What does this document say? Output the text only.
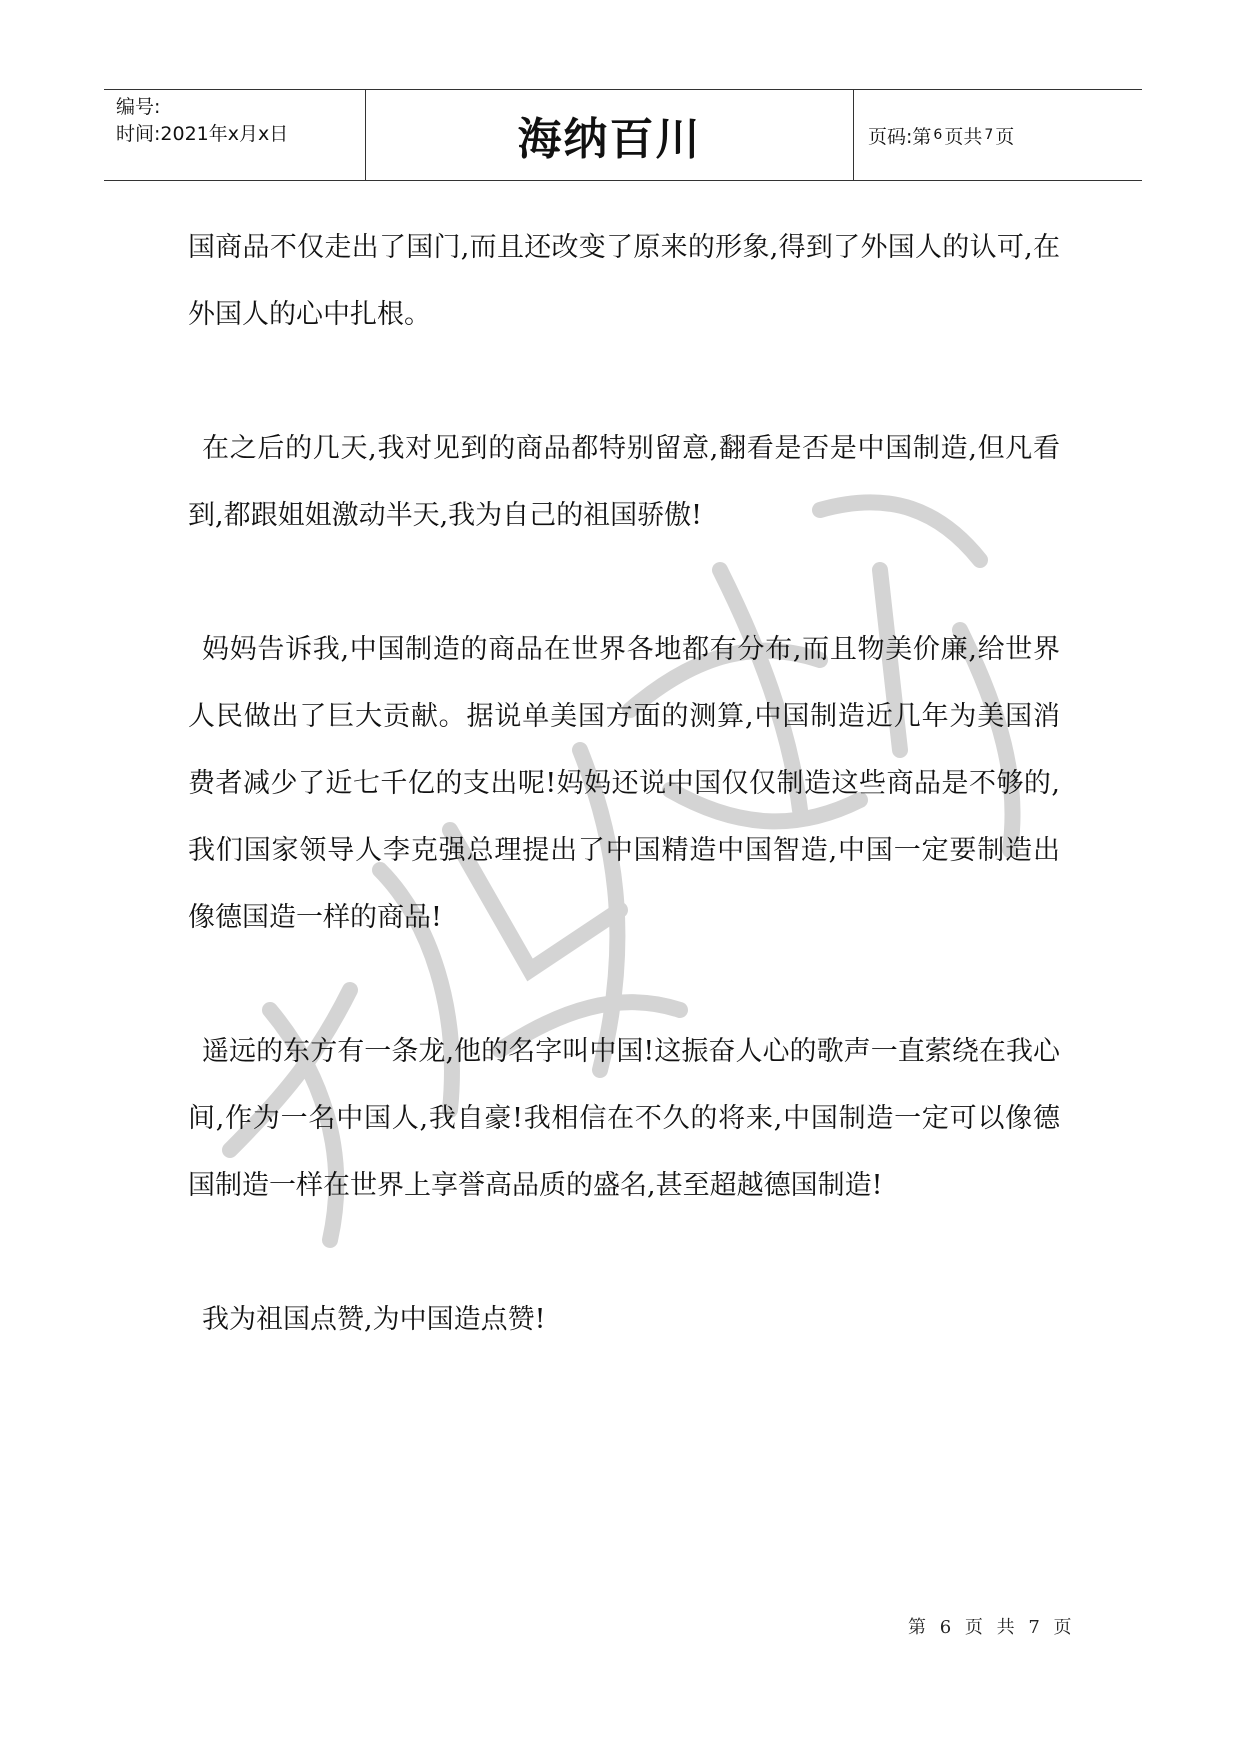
编号:
时间:2021年x月x日	海纳百川	页码:第 6 页共 7 页

国商品不仅走出了国门,而且还改变了原来的形象,得到了外国人的认可,在外国人的心中扎根。

在之后的几天,我对见到的商品都特别留意,翻看是否是中国制造,但凡看到,都跟姐姐激动半天,我为自己的祖国骄傲!

妈妈告诉我,中国制造的商品在世界各地都有分布,而且物美价廉,给世界人民做出了巨大贡献。据说单美国方面的测算,中国制造近几年为美国消费者减少了近七千亿的支出呢!妈妈还说中国仅仅制造这些商品是不够的,我们国家领导人李克强总理提出了中国精造中国智造,中国一定要制造出像德国造一样的商品!

遥远的东方有一条龙,他的名字叫中国!这振奋人心的歌声一直萦绕在我心间,作为一名中国人,我自豪!我相信在不久的将来,中国制造一定可以像德国制造一样在世界上享誉高品质的盛名,甚至超越德国制造!

我为祖国点赞,为中国造点赞!

第 6 页 共 7 页
